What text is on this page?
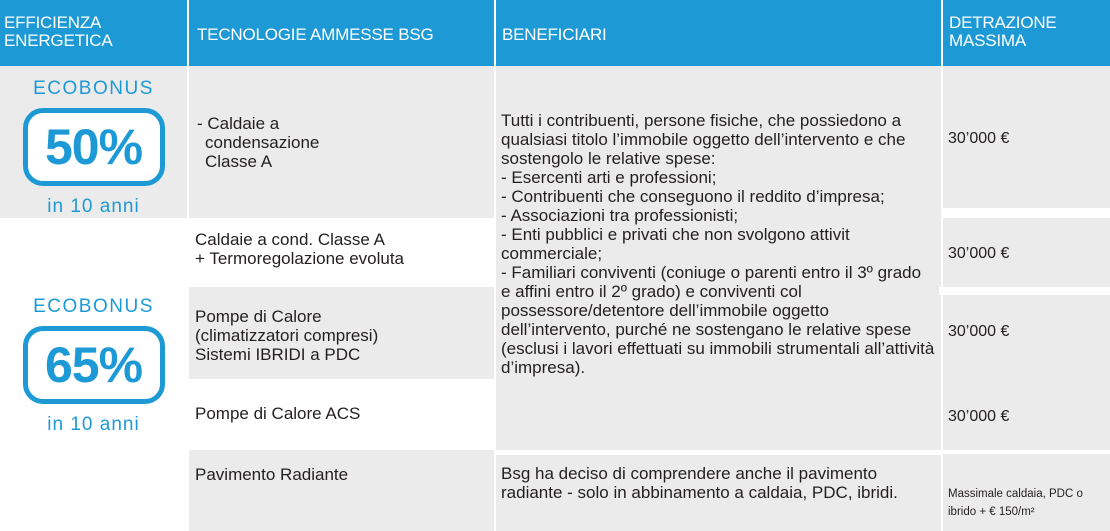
EFFICIENZA ENERGETICA	TECNOLOGIE AMMESSE BSG	BENEFICIARI
DETRAZIONE MASSIMA
ECOBONUS
50%
in 10 anni
ECOBONUS
65%
in 10 anni
- Caldaie a
condensazione
Classe A
Caldaie a cond. Classe A
+ Termoregolazione evoluta
Pompe di Calore
(climatizzatori compresi)
Sistemi IBRIDI a PDC
Pompe di Calore ACS
Pavimento Radiante

Tutti i contribuenti, persone fisiche, che possiedono a qualsiasi titolo l’immobile oggetto dell’intervento e che sostengolo le relative spese:

- Esercenti arti e professioni;

- Contribuenti che conseguono il reddito d’impresa;

- Associazioni tra professionisti;

- Enti pubblici e privati che non svolgono attivit commerciale;

- Familiari conviventi (coniuge o parenti entro il 3º grado e affini entro il 2º grado) e conviventi col possessore/detentore dell’immobile oggetto dell’intervento, purché ne sostengano le relative spese (esclusi i lavori effettuati su immobili strumentali all’attività d’impresa).

Bsg ha deciso di comprendere anche il pavimento radiante - solo in abbinamento a caldaia, PDC, ibridi.
30’000 €
30’000 €
30’000 €
30’000 €
Massimale caldaia, PDC o ibrido + € 150/m²
